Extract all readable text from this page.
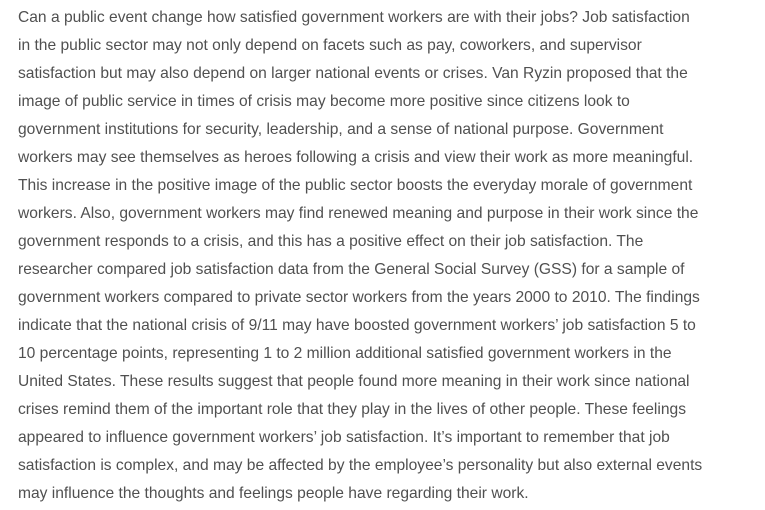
Can a public event change how satisfied government workers are with their jobs? Job satisfaction
in the public sector may not only depend on facets such as pay, coworkers, and supervisor
satisfaction but may also depend on larger national events or crises. Van Ryzin proposed that the
image of public service in times of crisis may become more positive since citizens look to
government institutions for security, leadership, and a sense of national purpose. Government
workers may see themselves as heroes following a crisis and view their work as more meaningful.
This increase in the positive image of the public sector boosts the everyday morale of government
workers. Also, government workers may find renewed meaning and purpose in their work since the
government responds to a crisis, and this has a positive effect on their job satisfaction. The
researcher compared job satisfaction data from the General Social Survey (GSS) for a sample of
government workers compared to private sector workers from the years 2000 to 2010. The findings
indicate that the national crisis of 9/11 may have boosted government workers’ job satisfaction 5 to
10 percentage points, representing 1 to 2 million additional satisfied government workers in the
United States. These results suggest that people found more meaning in their work since national
crises remind them of the important role that they play in the lives of other people. These feelings
appeared to influence government workers’ job satisfaction. It’s important to remember that job
satisfaction is complex, and may be affected by the employee’s personality but also external events
may influence the thoughts and feelings people have regarding their work.
